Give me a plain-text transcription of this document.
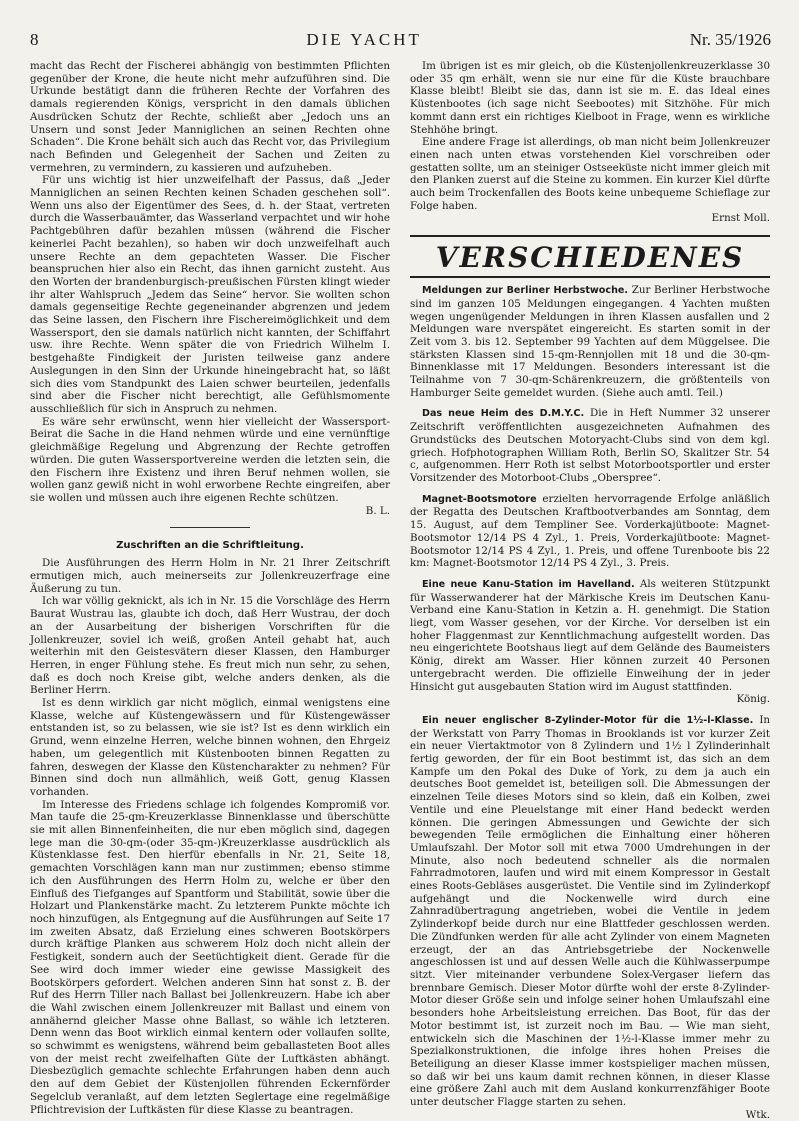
8	DIE YACHT	Nr. 35/1926

macht das Recht der Fischerei abhängig von bestimmten Pflichten gegenüber der Krone, die heute nicht mehr aufzuführen sind. Die Urkunde bestätigt dann die früheren Rechte der Vorfahren des damals regierenden Königs, verspricht in den damals üblichen Ausdrücken Schutz der Rechte, schließt aber „Jedoch uns an Unsern und sonst Jeder Manniglichen an seinen Rechten ohne Schaden“. Die Krone behält sich auch das Recht vor, das Privilegium nach Befinden und Gelegenheit der Sachen und Zeiten zu vermehren, zu vermindern, zu kassieren und aufzuheben.

Für uns wichtig ist hier unzweifelhaft der Passus, daß „Jeder Manniglichen an seinen Rechten keinen Schaden geschehen soll“. Wenn uns also der Eigentümer des Sees, d. h. der Staat, vertreten durch die Wasserbauämter, das Wasserland verpachtet und wir hohe Pachtgebühren dafür bezahlen müssen (während die Fischer keinerlei Pacht bezahlen), so haben wir doch unzweifelhaft auch unsere Rechte an dem gepachteten Wasser. Die Fischer beanspruchen hier also ein Recht, das ihnen garnicht zusteht. Aus den Worten der brandenburgisch-preußischen Fürsten klingt wieder ihr alter Wahlspruch „Jedem das Seine“ hervor. Sie wollten schon damals gegenseitige Rechte gegeneinander abgrenzen und jedem das Seine lassen, den Fischern ihre Fischereimöglichkeit und dem Wassersport, den sie damals natürlich nicht kannten, der Schiffahrt usw. ihre Rechte. Wenn später die von Friedrich Wilhelm I. bestgehaßte Findigkeit der Juristen teilweise ganz andere Auslegungen in den Sinn der Urkunde hineingebracht hat, so läßt sich dies vom Standpunkt des Laien schwer beurteilen, jedenfalls sind aber die Fischer nicht berechtigt, alle Gefühlsmomente ausschließlich für sich in Anspruch zu nehmen.

Es wäre sehr erwünscht, wenn hier vielleicht der Wassersport-Beirat die Sache in die Hand nehmen würde und eine vernünftige gleichmäßige Regelung und Abgrenzung der Rechte getroffen würden. Die guten Wassersportvereine werden die letzten sein, die den Fischern ihre Existenz und ihren Beruf nehmen wollen, sie wollen ganz gewiß nicht in wohl erworbene Rechte eingreifen, aber sie wollen und müssen auch ihre eigenen Rechte schützen.

B. L.
Zuschriften an die Schriftleitung.

Die Ausführungen des Herrn Holm in Nr. 21 Ihrer Zeitschrift ermutigen mich, auch meinerseits zur Jollenkreuzerfrage eine Äußerung zu tun.

Ich war völlig geknickt, als ich in Nr. 15 die Vorschläge des Herrn Baurat Wustrau las, glaubte ich doch, daß Herr Wustrau, der doch an der Ausarbeitung der bisherigen Vorschriften für die Jollenkreuzer, soviel ich weiß, großen Anteil gehabt hat, auch weiterhin mit den Geistesvätern dieser Klassen, den Hamburger Herren, in enger Fühlung stehe. Es freut mich nun sehr, zu sehen, daß es doch noch Kreise gibt, welche anders denken, als die Berliner Herrn.

Ist es denn wirklich gar nicht möglich, einmal wenigstens eine Klasse, welche auf Küstengewässern und für Küstengewässer entstanden ist, so zu belassen, wie sie ist? Ist es denn wirklich ein Grund, wenn einzelne Herren, welche binnen wohnen, den Ehrgeiz haben, um gelegentlich mit Küstenbooten binnen Regatten zu fahren, deswegen der Klasse den Küstencharakter zu nehmen? Für Binnen sind doch nun allmählich, weiß Gott, genug Klassen vorhanden.

Im Interesse des Friedens schlage ich folgendes Kompromiß vor. Man taufe die 25-qm-Kreuzerklasse Binnenklasse und überschütte sie mit allen Binnenfeinheiten, die nur eben möglich sind, dagegen lege man die 30-qm-(oder 35-qm-)Kreuzerklasse ausdrücklich als Küstenklasse fest. Den hierfür ebenfalls in Nr. 21, Seite 18, gemachten Vorschlägen kann man nur zustimmen; ebenso stimme ich den Ausführungen des Herrn Holm zu, welche er über den Einfluß des Tiefganges auf Spantform und Stabilität, sowie über die Holzart und Plankenstärke macht. Zu letzterem Punkte möchte ich noch hinzufügen, als Entgegnung auf die Ausführungen auf Seite 17 im zweiten Absatz, daß Erzielung eines schweren Bootskörpers durch kräftige Planken aus schwerem Holz doch nicht allein der Festigkeit, sondern auch der Seetüchtigkeit dient. Gerade für die See wird doch immer wieder eine gewisse Massigkeit des Bootskörpers gefordert. Welchen anderen Sinn hat sonst z. B. der Ruf des Herrn Tiller nach Ballast bei Jollenkreuzern. Habe ich aber die Wahl zwischen einem Jollenkreuzer mit Ballast und einem von annähernd gleicher Masse ohne Ballast, so wähle ich letzteren. Denn wenn das Boot wirklich einmal kentern oder vollaufen sollte, so schwimmt es wenigstens, während beim geballasteten Boot alles von der meist recht zweifelhaften Güte der Luftkästen abhängt. Diesbezüglich gemachte schlechte Erfahrungen haben denn auch den auf dem Gebiet der Küstenjollen führenden Eckernförder Segelclub veranlaßt, auf dem letzten Seglertage eine regelmäßige Pflichtrevision der Luftkästen für diese Klasse zu beantragen.

Im übrigen ist es mir gleich, ob die Küstenjollenkreuzerklasse 30 oder 35 qm erhält, wenn sie nur eine für die Küste brauchbare Klasse bleibt! Bleibt sie das, dann ist sie m. E. das Ideal eines Küstenbootes (ich sage nicht Seebootes) mit Sitzhöhe. Für mich kommt dann erst ein richtiges Kielboot in Frage, wenn es wirkliche Stehhöhe bringt.

Eine andere Frage ist allerdings, ob man nicht beim Jollenkreuzer einen nach unten etwas vorstehenden Kiel vorschreiben oder gestatten sollte, um an steiniger Ostseeküste nicht immer gleich mit den Planken zuerst auf die Steine zu kommen. Ein kurzer Kiel dürfte auch beim Trockenfallen des Boots keine unbequeme Schieflage zur Folge haben.

Ernst Moll.
VERSCHIEDENES

Meldungen zur Berliner Herbstwoche. Zur Berliner Herbstwoche sind im ganzen 105 Meldungen eingegangen. 4 Yachten mußten wegen ungenügender Meldungen in ihren Klassen ausfallen und 2 Meldungen ware nverspätet eingereicht. Es starten somit in der Zeit vom 3. bis 12. September 99 Yachten auf dem Müggelsee. Die stärksten Klassen sind 15-qm-Rennjollen mit 18 und die 30-qm-Binnenklasse mit 17 Meldungen. Besonders interessant ist die Teilnahme von 7 30-qm-Schärenkreuzern, die größtenteils von Hamburger Seite gemeldet wurden. (Siehe auch amtl. Teil.)

Das neue Heim des D.M.Y.C. Die in Heft Nummer 32 unserer Zeitschrift veröffentlichten ausgezeichneten Aufnahmen des Grundstücks des Deutschen Motoryacht-Clubs sind von dem kgl. griech. Hofphotographen William Roth, Berlin SO, Skalitzer Str. 54 c, aufgenommen. Herr Roth ist selbst Motorbootsportler und erster Vorsitzender des Motorboot-Clubs „Oberspree“.

Magnet-Bootsmotore erzielten hervorragende Erfolge anläßlich der Regatta des Deutschen Kraftbootverbandes am Sonntag, dem 15. August, auf dem Templiner See. Vorderkajütboote: Magnet-Bootsmotor 12/14 PS 4 Zyl., 1. Preis, Vorderkajütboote: Magnet-Bootsmotor 12/14 PS 4 Zyl., 1. Preis, und offene Turenboote bis 22 km: Magnet-Bootsmotor 12/14 PS 4 Zyl., 3. Preis.

Eine neue Kanu-Station im Havelland. Als weiteren Stützpunkt für Wasserwanderer hat der Märkische Kreis im Deutschen Kanu-Verband eine Kanu-Station in Ketzin a. H. genehmigt. Die Station liegt, vom Wasser gesehen, vor der Kirche. Vor derselben ist ein hoher Flaggenmast zur Kenntlichmachung aufgestellt worden. Das neu eingerichtete Bootshaus liegt auf dem Gelände des Baumeisters König, direkt am Wasser. Hier können zurzeit 40 Personen untergebracht werden. Die offizielle Einweihung der in jeder Hinsicht gut ausgebauten Station wird im August stattfinden.

König.

Ein neuer englischer 8-Zylinder-Motor für die 1½-l-Klasse. In der Werkstatt von Parry Thomas in Brooklands ist vor kurzer Zeit ein neuer Viertaktmotor von 8 Zylindern und 1½ l Zylinderinhalt fertig geworden, der für ein Boot bestimmt ist, das sich an dem Kampfe um den Pokal des Duke of York, zu dem ja auch ein deutsches Boot gemeldet ist, beteiligen soll. Die Abmessungen der einzelnen Teile dieses Motors sind so klein, daß ein Kolben, zwei Ventile und eine Pleuelstange mit einer Hand bedeckt werden können. Die geringen Abmessungen und Gewichte der sich bewegenden Teile ermöglichen die Einhaltung einer höheren Umlaufszahl. Der Motor soll mit etwa 7000 Umdrehungen in der Minute, also noch bedeutend schneller als die normalen Fahrradmotoren, laufen und wird mit einem Kompressor in Gestalt eines Roots-Gebläses ausgerüstet. Die Ventile sind im Zylinderkopf aufgehängt und die Nockenwelle wird durch eine Zahnradübertragung angetrieben, wobei die Ventile in jedem Zylinderkopf beide durch nur eine Blattfeder geschlossen werden. Die Zündfunken werden für alle acht Zylinder von einem Magneten erzeugt, der an das Antriebsgetriebe der Nockenwelle angeschlossen ist und auf dessen Welle auch die Kühlwasserpumpe sitzt. Vier miteinander verbundene Solex-Vergaser liefern das brennbare Gemisch. Dieser Motor dürfte wohl der erste 8-Zylinder-Motor dieser Größe sein und infolge seiner hohen Umlaufszahl eine besonders hohe Arbeitsleistung erreichen. Das Boot, für das der Motor bestimmt ist, ist zurzeit noch im Bau. — Wie man sieht, entwickeln sich die Maschinen der 1½-l-Klasse immer mehr zu Spezialkonstruktionen, die infolge ihres hohen Preises die Beteiligung an dieser Klasse immer kostspieliger machen müssen, so daß wir bei uns kaum damit rechnen können, in dieser Klasse eine größere Zahl auch mit dem Ausland konkurrenzfähiger Boote unter deutscher Flagge starten zu sehen.

Wtk.
